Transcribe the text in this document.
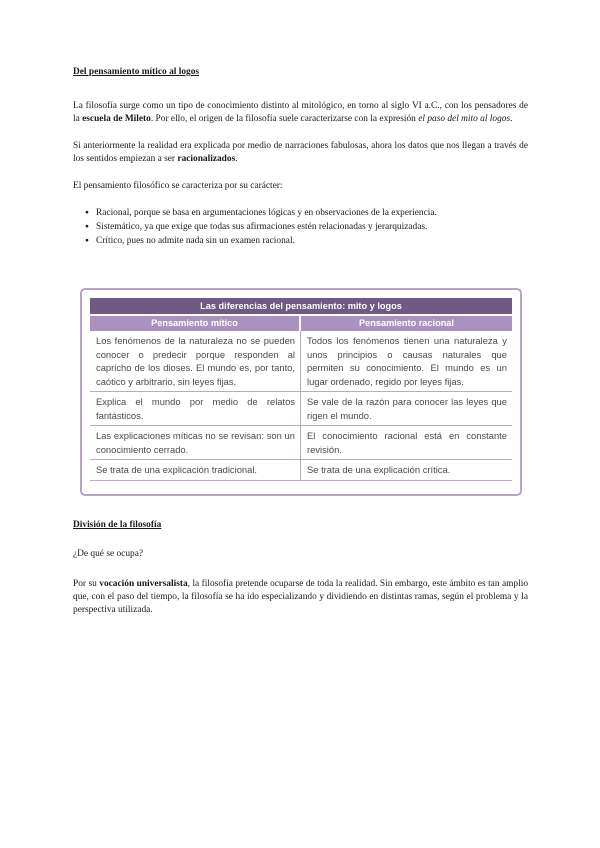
Del pensamiento mítico al logos

La filosofía surge como un tipo de conocimiento distinto al mitológico, en torno al siglo VI a.C., con los pensadores de la escuela de Mileto. Por ello, el origen de la filosofía suele caracterizarse con la expresión el paso del mito al logos.

Si anteriormente la realidad era explicada por medio de narraciones fabulosas, ahora los datos que nos llegan a través de los sentidos empiezan a ser racionalizados.

El pensamiento filosófico se caracteriza por su carácter:

● Racional, porque se basa en argumentaciones lógicas y en observaciones de la experiencia.
● Sistemático, ya que exige que todas sus afirmaciones estén relacionadas y jerarquizadas.
● Crítico, pues no admite nada sin un examen racional.
Las diferencias del pensamiento: mito y logos
Pensamiento mítico	Pensamiento racional
Los fenómenos de la naturaleza no se pueden conocer o predecir porque responden al capricho de los dioses. El mundo es, por tanto, caótico y arbitrario, sin leyes fijas.
Todos los fenómenos tienen una naturaleza y unos principios o causas naturales que permiten su conocimiento. El mundo es un lugar ordenado, regido por leyes fijas.
Explica el mundo por medio de relatos fantásticos.
Se vale de la razón para conocer las leyes que rigen el mundo.
Las explicaciones míticas no se revisan: son un conocimiento cerrado.
El conocimiento racional está en constante revisión.
Se trata de una explicación tradicional.	Se trata de una explicación crítica.
División de la filosofía

¿De qué se ocupa?

Por su vocación universalista, la filosofía pretende ocuparse de toda la realidad. Sin embargo, este ámbito es tan amplio que, con el paso del tiempo, la filosofía se ha ido especializando y dividiendo en distintas ramas, según el problema y la perspectiva utilizada.
